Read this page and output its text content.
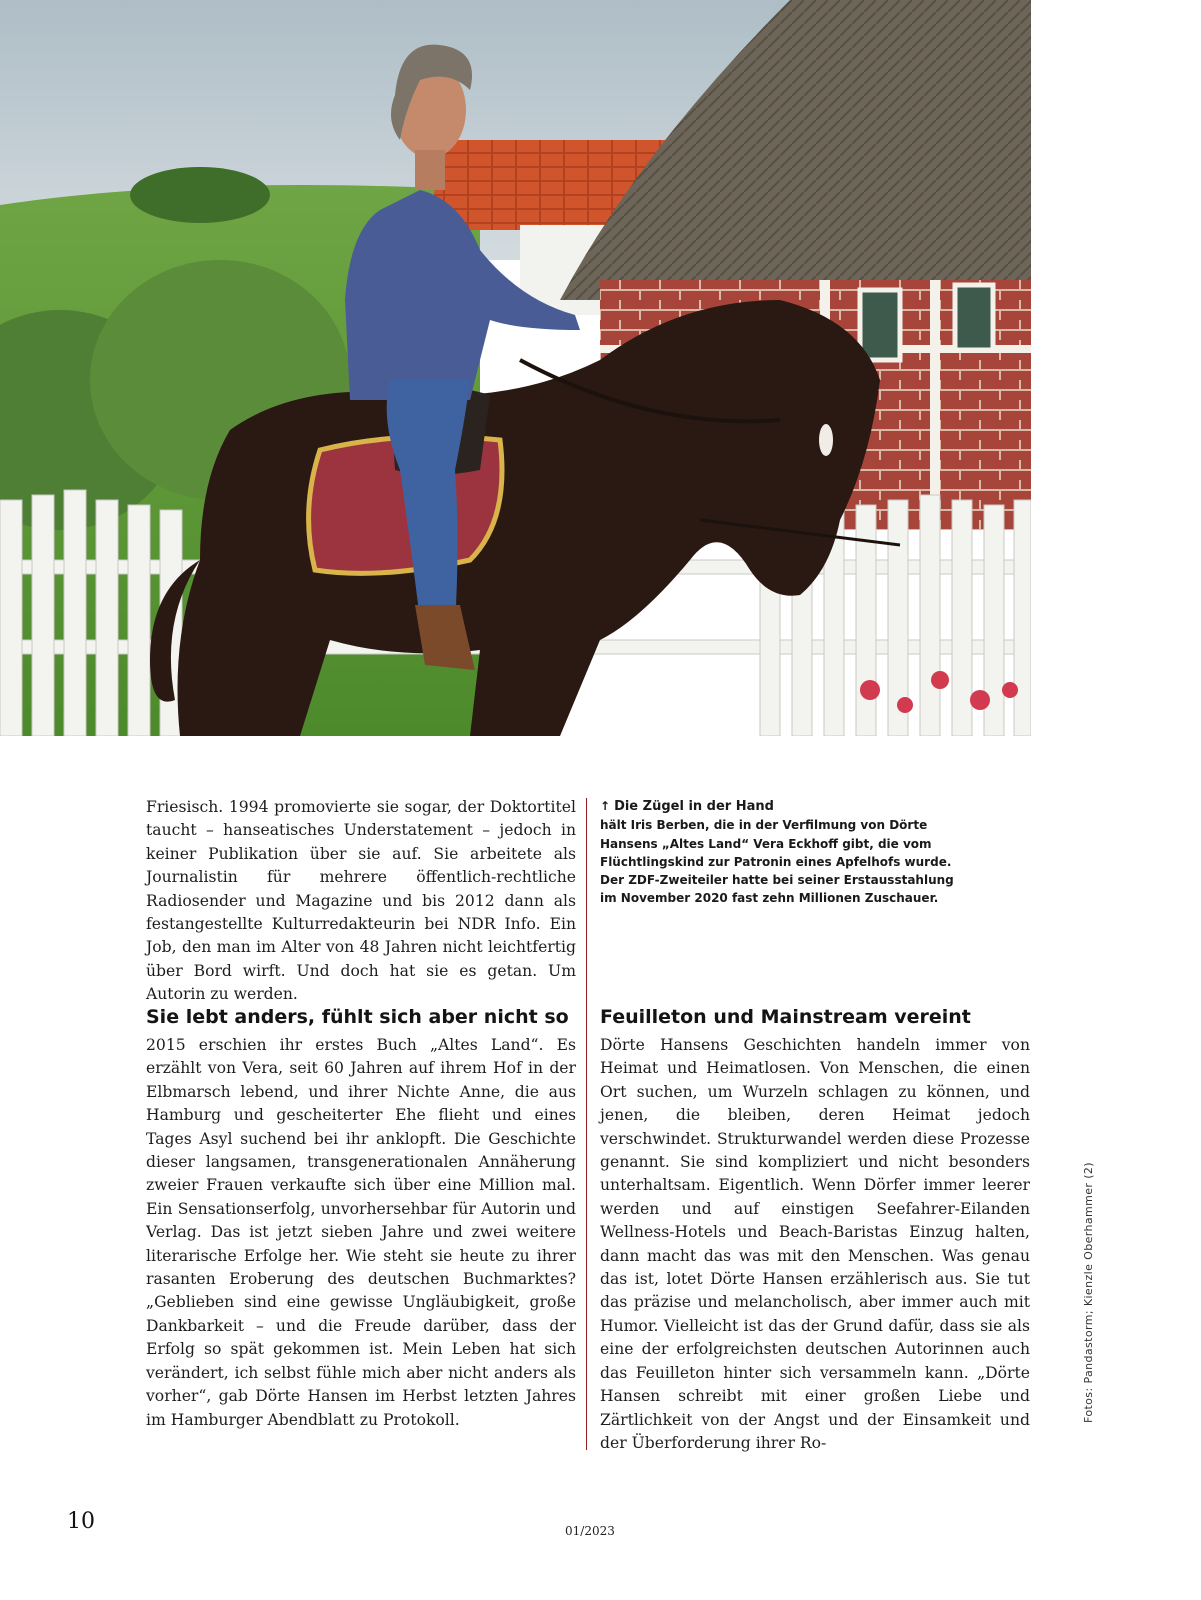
Friesisch. 1994 promovierte sie sogar, der Doktortitel taucht – hanseatisches Understatement – jedoch in keiner Publikation über sie auf. Sie arbeitete als Journalistin für mehrere öffentlich-rechtliche Radiosender und Magazine und bis 2012 dann als festangestellte Kulturredakteurin bei NDR Info. Ein Job, den man im Alter von 48 Jahren nicht leichtfertig über Bord wirft. Und doch hat sie es getan. Um Autorin zu werden.

Sie lebt anders, fühlt sich aber nicht so

2015 erschien ihr erstes Buch „Altes Land“. Es erzählt von Vera, seit 60 Jahren auf ihrem Hof in der Elbmarsch lebend, und ihrer Nichte Anne, die aus Hamburg und gescheiterter Ehe flieht und eines Tages Asyl suchend bei ihr anklopft. Die Geschichte dieser langsamen, transgenerationalen Annäherung zweier Frauen verkaufte sich über eine Million mal. Ein Sensationserfolg, unvorhersehbar für Autorin und Verlag. Das ist jetzt sieben Jahre und zwei weitere literarische Erfolge her. Wie steht sie heute zu ihrer rasanten Eroberung des deutschen Buchmarktes? „Geblieben sind eine gewisse Ungläubigkeit, große Dankbarkeit – und die Freude darüber, dass der Erfolg so spät gekommen ist. Mein Leben hat sich verändert, ich selbst fühle mich aber nicht anders als vorher“, gab Dörte Hansen im Herbst letzten Jahres im Hamburger Abendblatt zu Protokoll.

↑ Die Zügel in der Hand
hält Iris Berben, die in der Verfilmung von Dörte Hansens „Altes Land“ Vera Eckhoff gibt, die vom Flüchtlingskind zur Patronin eines Apfelhofs wurde. Der ZDF-Zweiteiler hatte bei seiner Erstausstahlung im November 2020 fast zehn Millionen Zuschauer.
Feuilleton und Mainstream vereint

Dörte Hansens Geschichten handeln immer von Heimat und Heimatlosen. Von Menschen, die einen Ort suchen, um Wurzeln schlagen zu können, und jenen, die bleiben, deren Heimat jedoch verschwindet. Strukturwandel werden diese Prozesse genannt. Sie sind kompliziert und nicht besonders unterhaltsam. Eigentlich. Wenn Dörfer immer leerer werden und auf einstigen Seefahrer-Eilanden Wellness-Hotels und Beach-Baristas Einzug halten, dann macht das was mit den Menschen. Was genau das ist, lotet Dörte Hansen erzählerisch aus. Sie tut das präzise und melancholisch, aber immer auch mit Humor. Vielleicht ist das der Grund dafür, dass sie als eine der erfolgreichsten deutschen Autorinnen auch das Feuilleton hinter sich versammeln kann. „Dörte Hansen schreibt mit einer großen Liebe und Zärtlichkeit von der Angst und der Einsamkeit und der Überforderung ihrer Ro-

Fotos: Pandastorm; Kienzle Oberhammer (2)
10	01/2023
